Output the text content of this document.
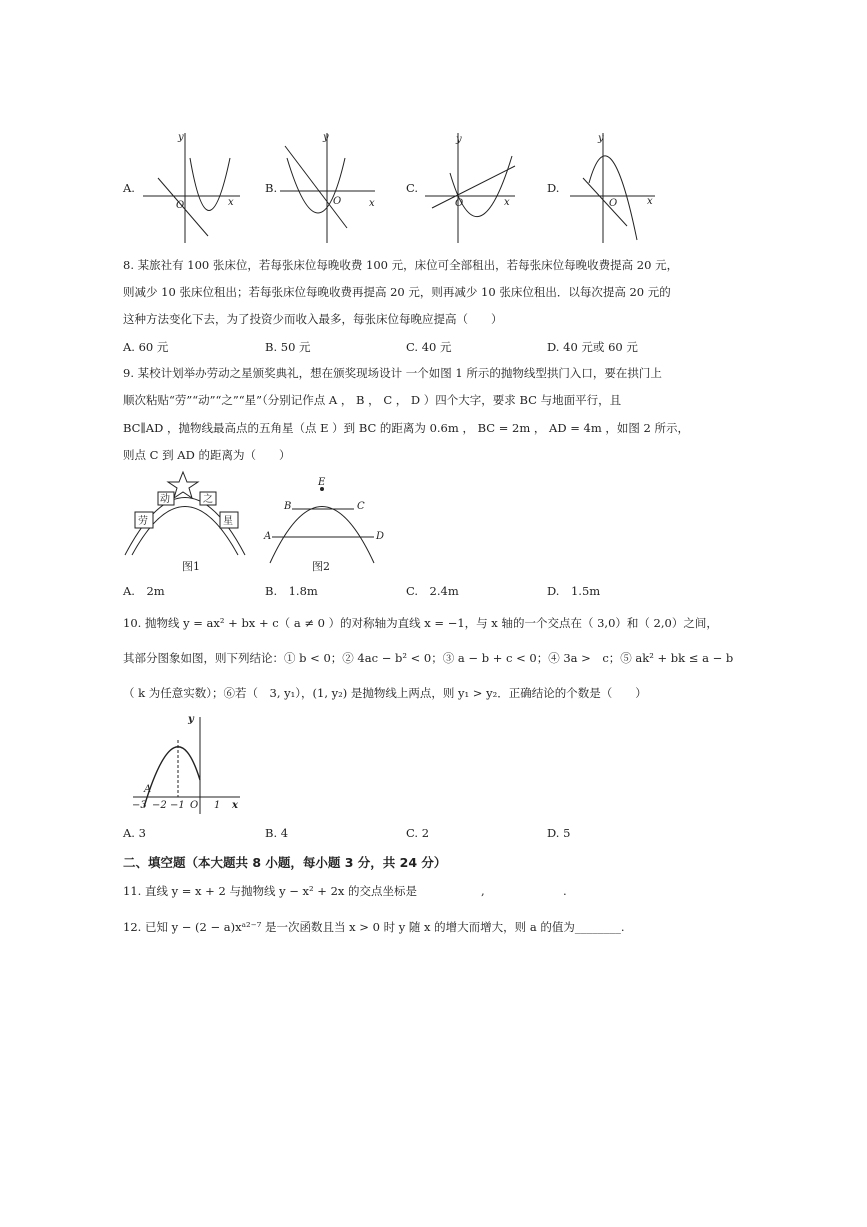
A.
y
O	x
B.
y
O	x
C.
y
O	x
D.
y
O	x
8. 某旅社有 100 张床位，若每张床位每晚收费 100 元，床位可全部租出，若每张床位每晚收费提高 20 元，
则减少 10 张床位租出；若每张床位每晚收费再提高 20 元，则再减少 10 张床位租出．以每次提高 20 元的
这种方法变化下去，为了投资少而收入最多，每张床位每晚应提高（　　）
A. 60 元	B. 50 元	C. 40 元	D. 40 元或 60 元
9. 某校计划举办劳动之星颁奖典礼，想在颁奖现场设计 一个如图 1 所示的抛物线型拱门入口，要在拱门上
顺次粘贴“劳”“动”“之”“星”（分别记作点 A ， B ， C ， D ）四个大字，要求 BC 与地面平行，且
BC∥AD ，抛物线最高点的五角星（点 E ）到 BC 的距离为 0.6m ， BC = 2m ， AD = 4m ，如图 2 所示，
则点 C 到 AD 的距离为（　　）
劳
动	之
星
图1
E
B	C
A	D
图2
A.　2m	B.　1.8m	C.　2.4m	D.　1.5m
10. 抛物线 y = ax² + bx + c（ a ≠ 0 ）的对称轴为直线 x = −1，与 x 轴的一个交点在（ 3,0）和（ 2,0）之间，
其部分图象如图，则下列结论：① b < 0；② 4ac − b² < 0；③ a − b + c < 0；④ 3a >　c；⑤ ak² + bk ≤ a − b
（ k 为任意实数）；⑥若（　3, y₁），(1, y₂) 是抛物线上两点，则 y₁ > y₂．正确结论的个数是（　　）
y
x
O
−3 −2 −1	1
A
A. 3	B. 4	C. 2	D. 5
二、填空题（本大题共 8 小题，每小题 3 分，共 24 分）
11. 直线 y = x + 2 与抛物线 y − x² + 2x 的交点坐标是	,	.
12. 已知 y − (2 − a)xᵃ²⁻⁷ 是一次函数且当 x > 0 时 y 随 x 的增大而增大，则 a 的值为________.
